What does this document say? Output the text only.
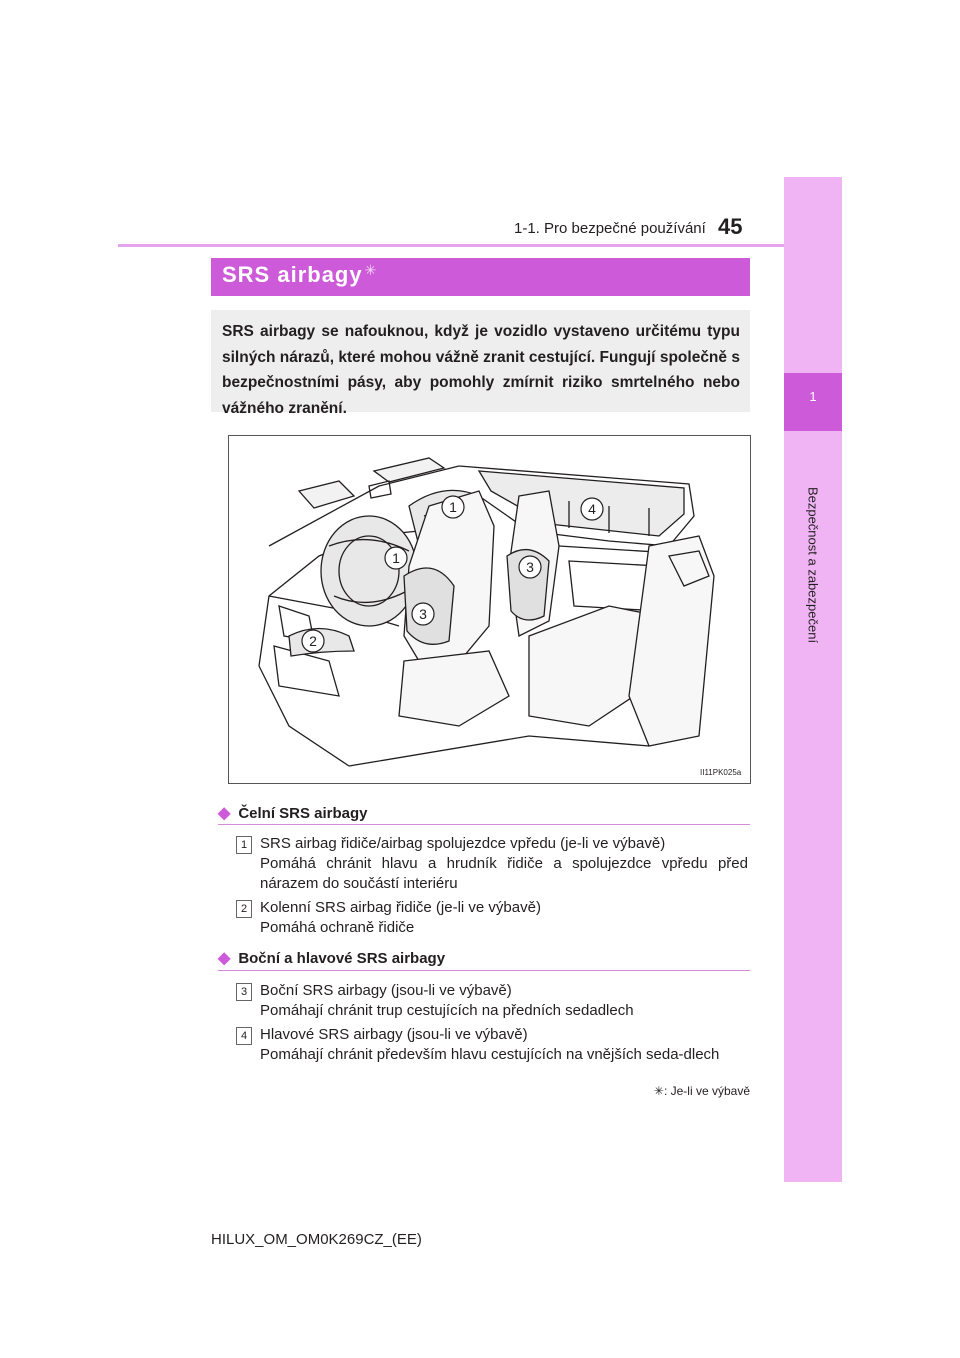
1-1. Pro bezpečné používání 45
1
Bezpečnost a zabezpečení
SRS airbagy ✳
SRS airbagy se nafouknou, když je vozidlo vystaveno určitému typu silných nárazů, které mohou vážně zranit cestující. Fungují společně s bezpečnostními pásy, aby pomohly zmírnit riziko smrtelného nebo vážného zranění.
1
1
2
3
3
4
II11PK025a
◆ Čelní SRS airbagy
1 SRS airbag řidiče/airbag spolujezdce vpředu (je-li ve výbavě)
Pomáhá chránit hlavu a hrudník řidiče a spolujezdce vpředu před nárazem do součástí interiéru
2 Kolenní SRS airbag řidiče (je-li ve výbavě)
Pomáhá ochraně řidiče
◆ Boční a hlavové SRS airbagy
3 Boční SRS airbagy (jsou-li ve výbavě)
Pomáhají chránit trup cestujících na předních sedadlech
4 Hlavové SRS airbagy (jsou-li ve výbavě)
Pomáhají chránit především hlavu cestujících na vnějších seda-dlech
✳: Je-li ve výbavě
HILUX_OM_OM0K269CZ_(EE)
